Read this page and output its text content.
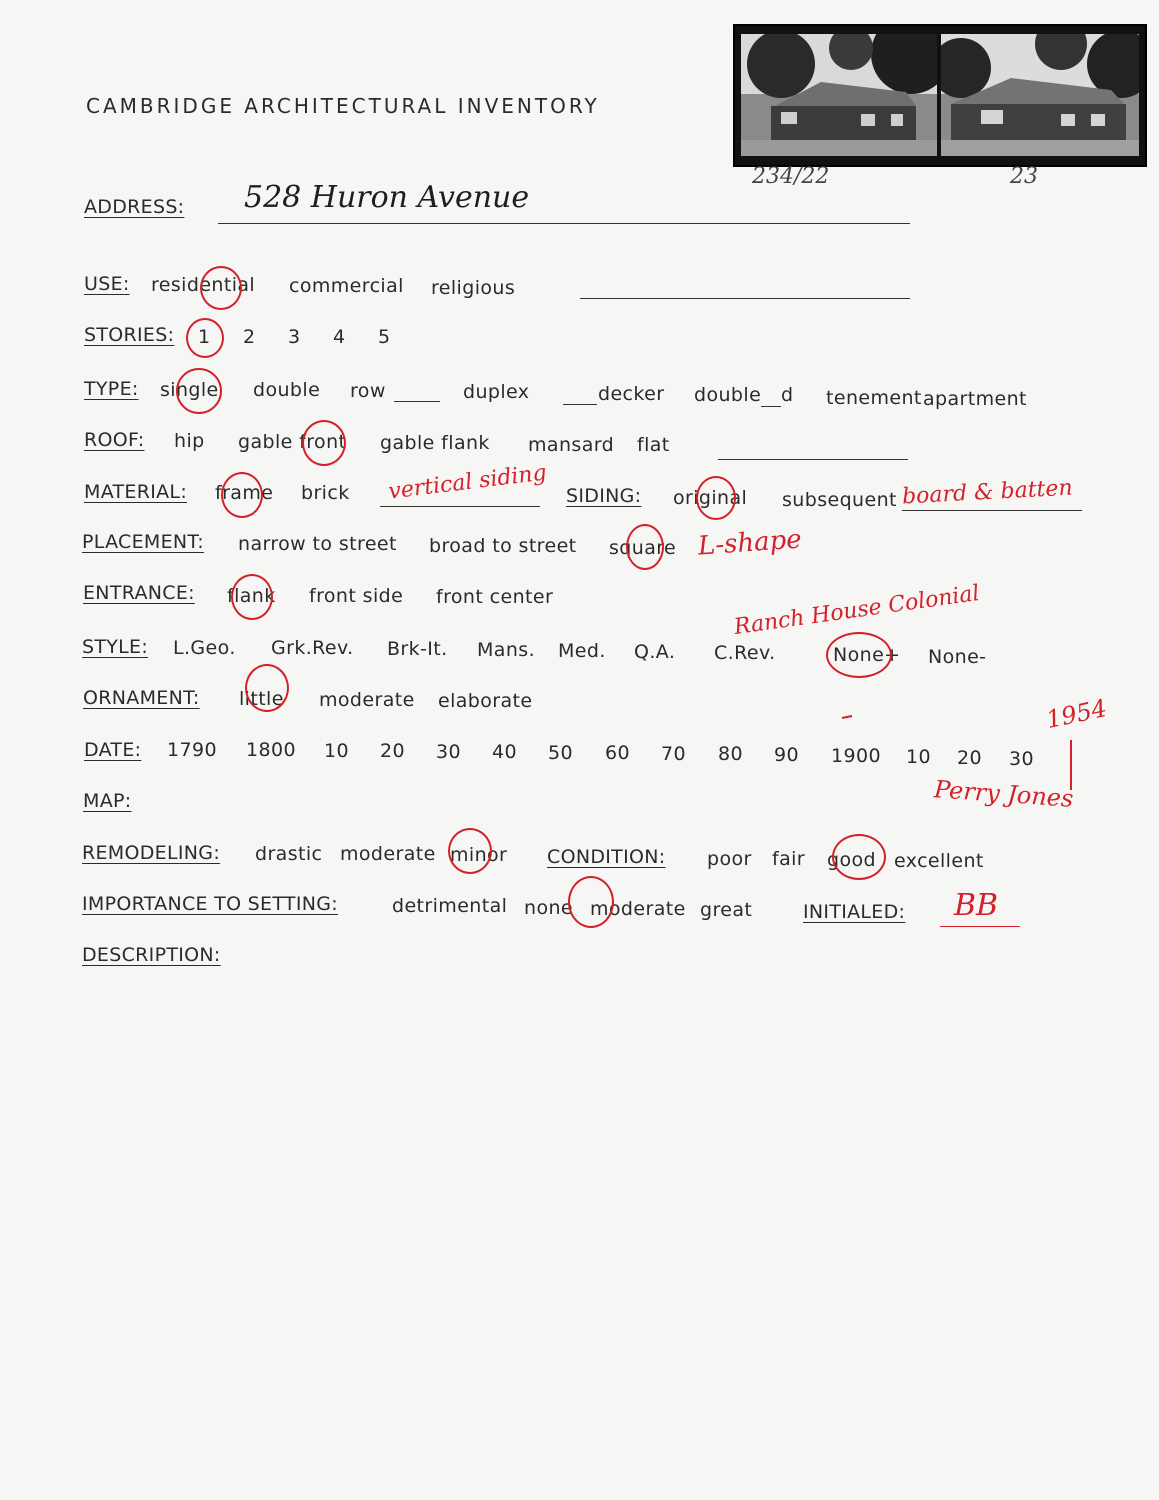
CAMBRIDGE ARCHITECTURAL INVENTORY
234/22	23
ADDRESS: 528 Huron Avenue
USE: residential commercial religious
STORIES: 1 2 3 4 5
TYPE: single double row	duplex	decker double d tenement apartment
ROOF: hip gable front gable flank mansard flat
MATERIAL: frame brick vertical siding SIDING: original subsequent board & batten
PLACEMENT: narrow to street broad to street square L-shape
ENTRANCE: flank front side front center	Ranch House Colonial
STYLE: L.Geo. Grk.Rev. Brk-It. Mans. Med. Q.A. C.Rev.	None+ None-
ORNAMENT: little moderate elaborate	1954
DATE: 1790 1800 10 20 30 40 50 60 70 80 90 1900 10 20 30
MAP:	Perry Jones
REMODELING: drastic moderate minor CONDITION: poor fair good excellent
IMPORTANCE TO SETTING:	detrimental none moderate great	INITIALED: BB
DESCRIPTION:
